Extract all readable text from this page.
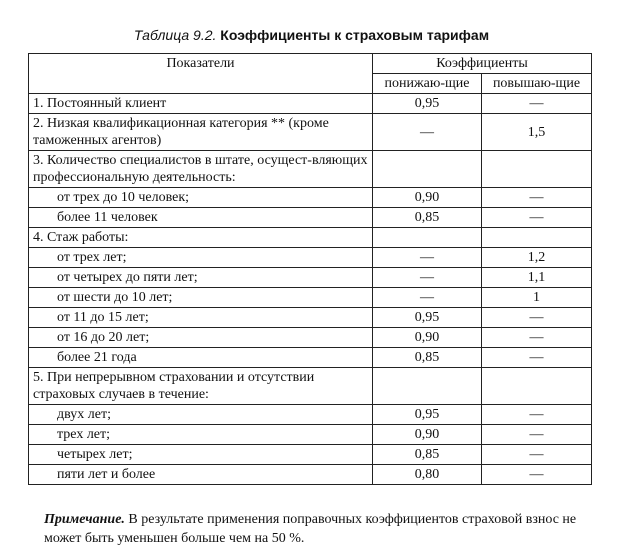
Таблица 9.2. Коэффициенты к страховым тарифам
Показатели	Коэффициенты	
	понижаю-щие	повышаю-щие
1. Постоянный клиент	0,95	—
2. Низкая квалификационная категория ** (кроме таможенных агентов)	—	1,5
3. Количество специалистов в штате, осущест-вляющих профессиональную деятельность:		
от трех до 10 человек;	0,90	—
более 11 человек	0,85	—
4. Стаж работы:		
от трех лет;	—	1,2
от четырех до пяти лет;	—	1,1
от шести до 10 лет;	—	1
от 11 до 15 лет;	0,95	—
от 16 до 20 лет;	0,90	—
более 21 года	0,85	—
5. При непрерывном страховании и отсутствии страховых случаев в течение:		
двух лет;	0,95	—
трех лет;	0,90	—
четырех лет;	0,85	—
пяти лет и более	0,80	—
Примечание. В результате применения поправочных коэффициентов страховой взнос не может быть уменьшен больше чем на 50 %.
